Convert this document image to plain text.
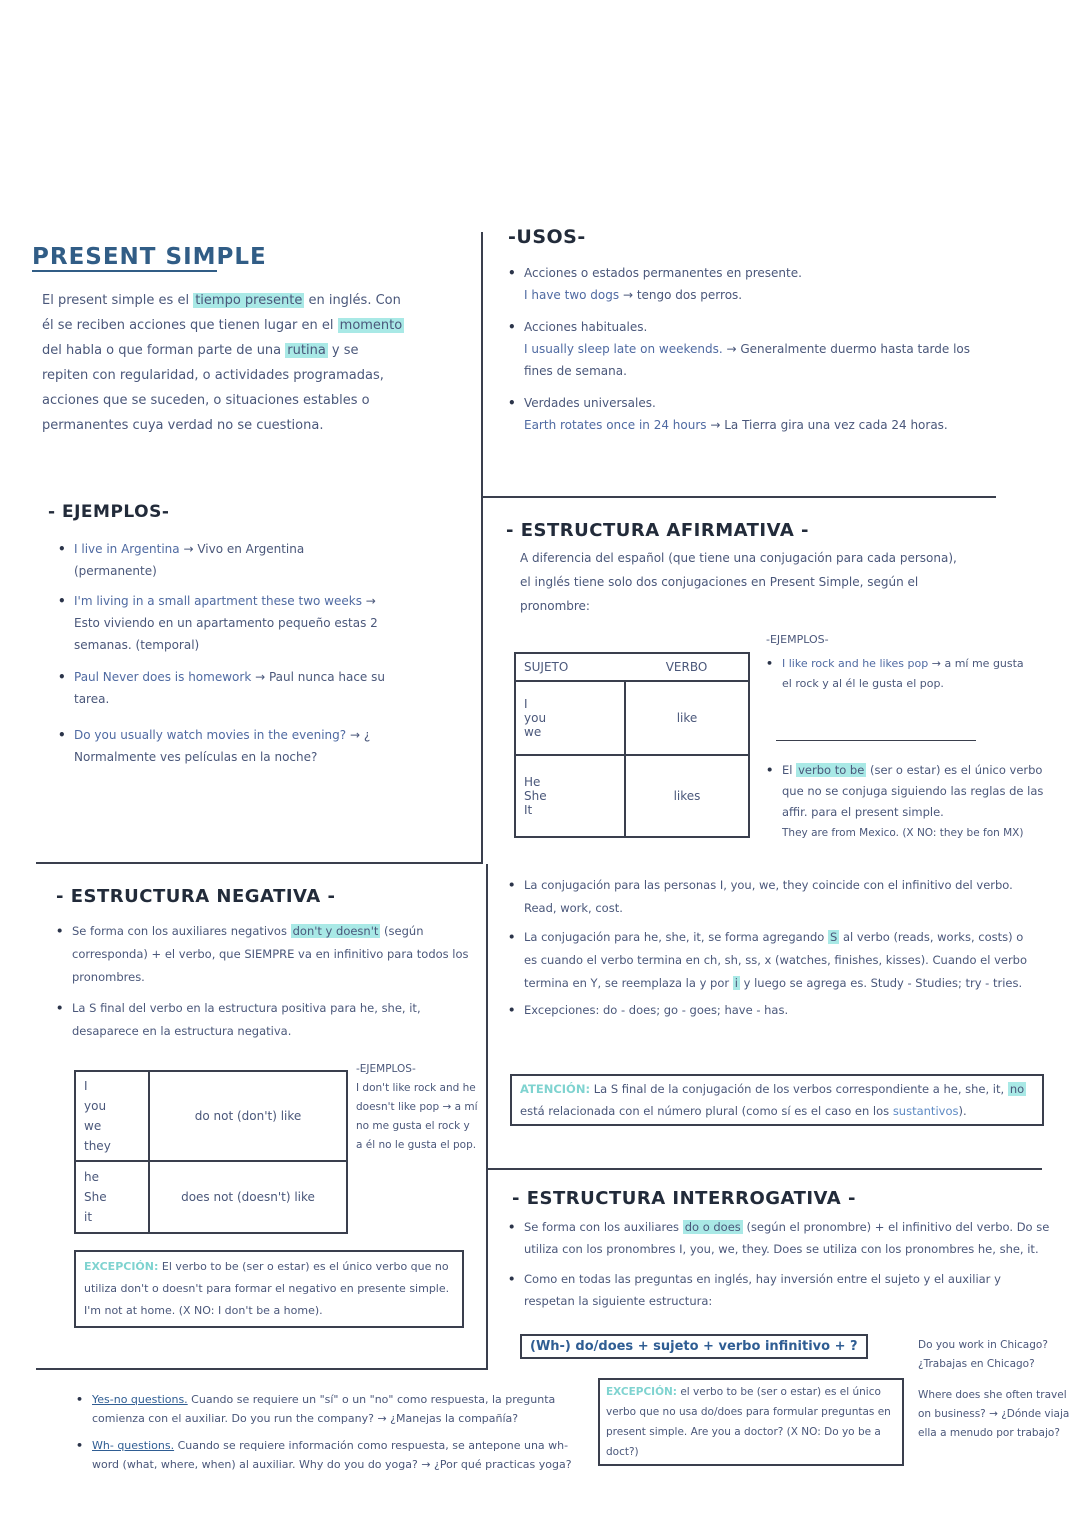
PRESENT SIMPLE
El present simple es el tiempo presente en inglés. Con él se reciben acciones que tienen lugar en el momento del habla o que forman parte de una rutina y se repiten con regularidad, o actividades programadas, acciones que se suceden, o situaciones estables o permanentes cuya verdad no se cuestiona.
- EJEMPLOS-
• I live in Argentina → Vivo en Argentina (permanente)
• I'm living in a small apartment these two weeks → Esto viviendo en un apartamento pequeño estas 2 semanas. (temporal)
• Paul Never does is homework → Paul nunca hace su tarea.
• Do you usually watch movies in the evening? → ¿ Normalmente ves películas en la noche?
-USOS-
• Acciones o estados permanentes en presente.
I have two dogs → tengo dos perros.
• Acciones habituales.
I usually sleep late on weekends. → Generalmente duermo hasta tarde los fines de semana.
• Verdades universales.
Earth rotates once in 24 hours → La Tierra gira una vez cada 24 horas.
- ESTRUCTURA AFIRMATIVA -
A diferencia del español (que tiene una conjugación para cada persona), el inglés tiene solo dos conjugaciones en Present Simple, según el pronombre:
SUJETO	VERBO

I
you
we	like

He
She
It	likes
-EJEMPLOS-
• I like rock and he likes pop → a mí me gusta el rock y al él le gusta el pop.
• El verbo to be (ser o estar) es el único verbo que no se conjuga siguiendo las reglas de las affir. para el present simple.
They are from Mexico. (X NO: they be fon MX)
• La conjugación para las personas I, you, we, they coincide con el infinitivo del verbo. Read, work, cost.
• La conjugación para he, she, it, se forma agregando S al verbo (reads, works, costs) o es cuando el verbo termina en ch, sh, ss, x (watches, finishes, kisses). Cuando el verbo termina en Y, se reemplaza la y por i y luego se agrega es. Study - Studies; try - tries.
• Excepciones: do - does; go - goes; have - has.
ATENCIÓN: La S final de la conjugación de los verbos correspondiente a he, she, it, no está relacionada con el número plural (como sí es el caso en los sustantivos).
- ESTRUCTURA NEGATIVA -
• Se forma con los auxiliares negativos don't y doesn't (según corresponda) + el verbo, que SIEMPRE va en infinitivo para todos los pronombres.
• La S final del verbo en la estructura positiva para he, she, it, desaparece en la estructura negativa.
I
you
we
they	do not (don't) like

he
She
it	does not (doesn't) like
-EJEMPLOS-
I don't like rock and he doesn't like pop → a mí no me gusta el rock y a él no le gusta el pop.
EXCEPCIÓN: El verbo to be (ser o estar) es el único verbo que no utiliza don't o doesn't para formar el negativo en presente simple. I'm not at home. (X NO: I don't be a home).
- ESTRUCTURA INTERROGATIVA -
• Se forma con los auxiliares do o does (según el pronombre) + el infinitivo del verbo. Do se utiliza con los pronombres I, you, we, they. Does se utiliza con los pronombres he, she, it.
• Como en todas las preguntas en inglés, hay inversión entre el sujeto y el auxiliar y respetan la siguiente estructura:
(Wh-) do/does + sujeto + verbo infinitivo + ?	Do you work in Chicago? ¿Trabajas en Chicago?
Where does she often travel on business? → ¿Dónde viaja ella a menudo por trabajo?
EXCEPCIÓN: el verbo to be (ser o estar) es el único verbo que no usa do/does para formular preguntas en present simple. Are you a doctor? (X NO: Do yo be a doct?)
• Yes-no questions. Cuando se requiere un "sí" o un "no" como respuesta, la pregunta comienza con el auxiliar. Do you run the company? → ¿Manejas la compañía?
• Wh- questions. Cuando se requiere información como respuesta, se antepone una wh-word (what, where, when) al auxiliar. Why do you do yoga? → ¿Por qué practicas yoga?
